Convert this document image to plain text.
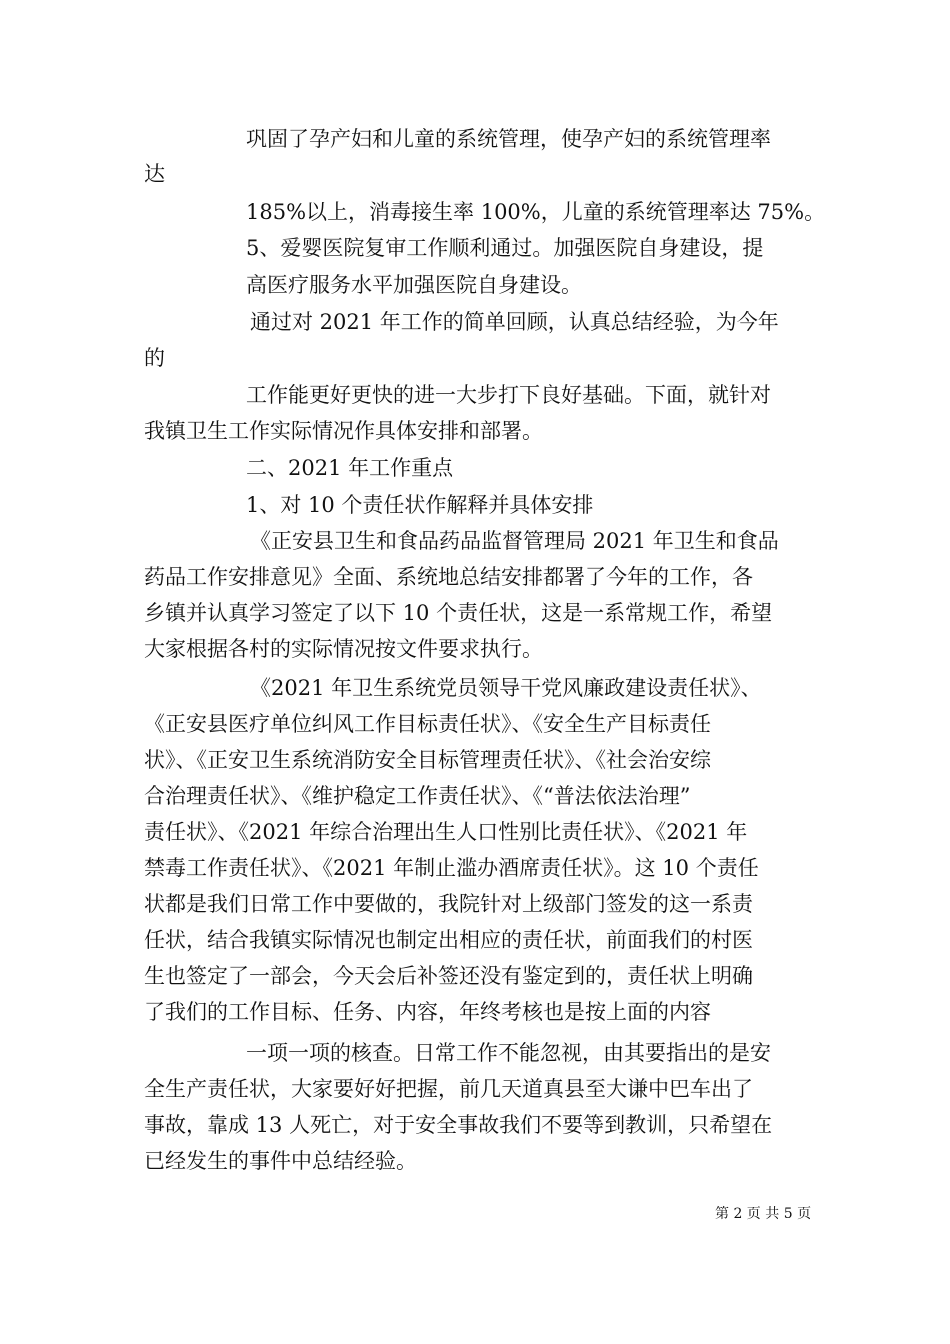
巩固了孕产妇和儿童的系统管理，使孕产妇的系统管理率
达
185%以上，消毒接生率 100%，儿童的系统管理率达 75%。
5、爱婴医院复审工作顺利通过。加强医院自身建设，提
高医疗服务水平加强医院自身建设。
通过对 2021 年工作的简单回顾，认真总结经验，为今年
的
工作能更好更快的进一大步打下良好基础。下面，就针对
我镇卫生工作实际情况作具体安排和部署。
二、2021 年工作重点
1、对 10 个责任状作解释并具体安排
《正安县卫生和食品药品监督管理局 2021 年卫生和食品
药品工作安排意见》全面、系统地总结安排都署了今年的工作，各
乡镇并认真学习签定了以下 10 个责任状，这是一系常规工作，希望
大家根据各村的实际情况按文件要求执行。
《2021 年卫生系统党员领导干党风廉政建设责任状》、
《正安县医疗单位纠风工作目标责任状》、《安全生产目标责任
状》、《正安卫生系统消防安全目标管理责任状》、《社会治安综
合治理责任状》、《维护稳定工作责任状》、《“普法依法治理”
责任状》、《2021 年综合治理出生人口性别比责任状》、《2021 年
禁毒工作责任状》、《2021 年制止滥办酒席责任状》。这 10 个责任
状都是我们日常工作中要做的，我院针对上级部门签发的这一系责
任状，结合我镇实际情况也制定出相应的责任状，前面我们的村医
生也签定了一部会，今天会后补签还没有鉴定到的，责任状上明确
了我们的工作目标、任务、内容，年终考核也是按上面的内容
一项一项的核查。日常工作不能忽视，由其要指出的是安
全生产责任状，大家要好好把握，前几天道真县至大谦中巴车出了
事故，靠成 13 人死亡，对于安全事故我们不要等到教训，只希望在
已经发生的事件中总结经验。
第 2 页 共 5 页
